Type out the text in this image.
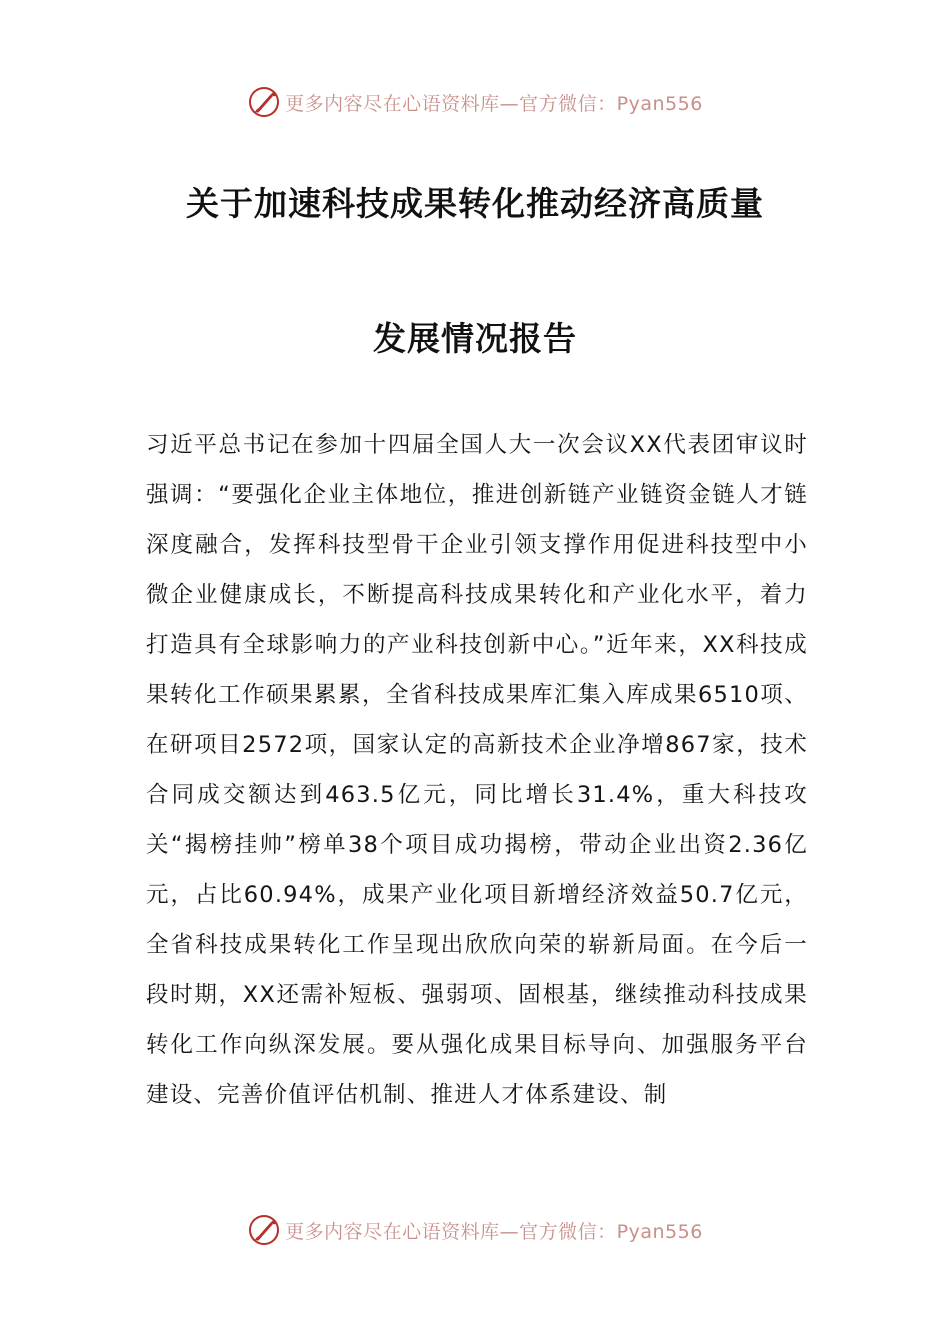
更多内容尽在心语资料库—官方微信：Pyan556
关于加速科技成果转化推动经济高质量
发展情况报告
习近平总书记在参加十四届全国人大一次会议XX代表团审议时强调：“要强化企业主体地位，推进创新链产业链资金链人才链深度融合，发挥科技型骨干企业引领支撑作用促进科技型中小微企业健康成长，不断提高科技成果转化和产业化水平，着力打造具有全球影响力的产业科技创新中心。”近年来，XX科技成果转化工作硕果累累，全省科技成果库汇集入库成果6510项、在研项目2572项，国家认定的高新技术企业净增867家，技术合同成交额达到463.5亿元，同比增长31.4%，重大科技攻关“揭榜挂帅”榜单38个项目成功揭榜，带动企业出资2.36亿元，占比60.94%，成果产业化项目新增经济效益50.7亿元，全省科技成果转化工作呈现出欣欣向荣的崭新局面。在今后一段时期，XX还需补短板、强弱项、固根基，继续推动科技成果转化工作向纵深发展。要从强化成果目标导向、加强服务平台建设、完善价值评估机制、推进人才体系建设、制
更多内容尽在心语资料库—官方微信：Pyan556
